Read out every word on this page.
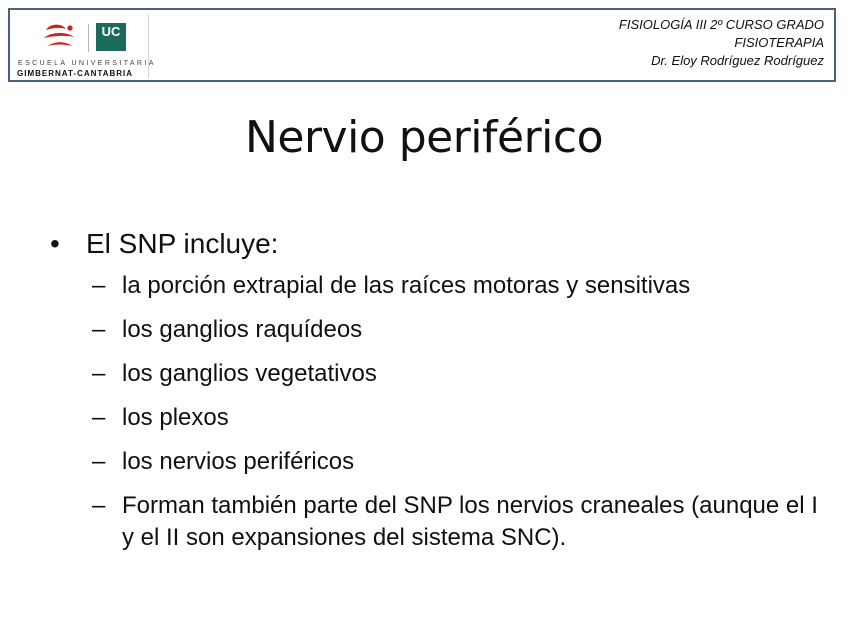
UC
ESCUELA UNIVERSITARIA
GIMBERNAT-CANTABRIA
FISIOLOGÍA III 2º CURSO GRADO
FISIOTERAPIA
Dr. Eloy Rodríguez Rodríguez
Nervio periférico
• El SNP incluye:
– la porción extrapial de las raíces motoras y sensitivas
– los ganglios raquídeos
– los ganglios vegetativos
– los plexos
– los nervios periféricos
– Forman también parte del SNP los nervios craneales (aunque el I y el II son expansiones del sistema SNC).
